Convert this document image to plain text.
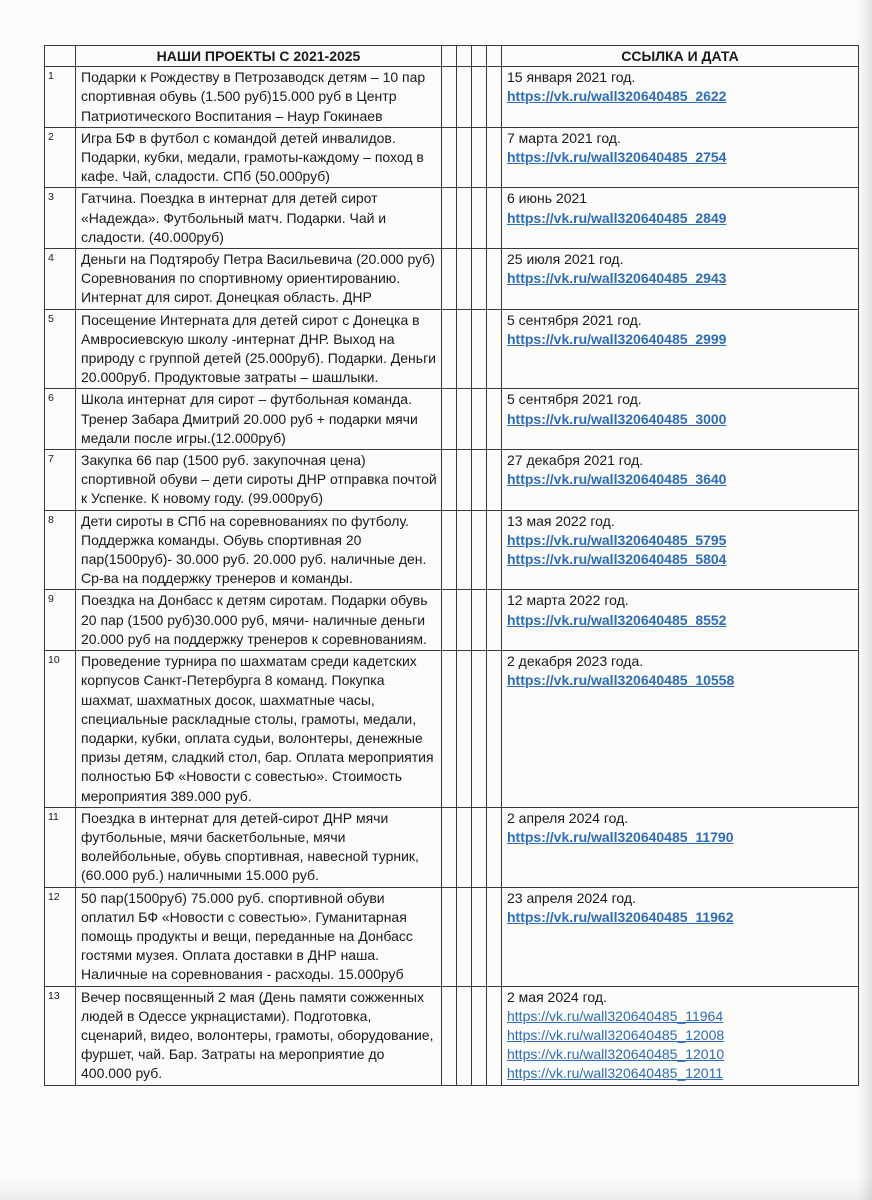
	НАШИ ПРОЕКТЫ С 2021-2025					ССЫЛКА И ДАТА
1	Подарки к Рождеству в Петрозаводск детям – 10 пар спортивная обувь (1.500 руб)15.000 руб в Центр Патриотического Воспитания – Наур Гокинаев					15 января 2021 год.
https://vk.ru/wall320640485_2622

2	Игра БФ в футбол с командой детей инвалидов. Подарки, кубки, медали, грамоты-каждому – поход в кафе. Чай, сладости. СПб (50.000руб)					7 марта 2021 год.
https://vk.ru/wall320640485_2754

3	Гатчина. Поездка в интернат для детей сирот «Надежда». Футбольный матч. Подарки. Чай и сладости. (40.000руб)					6 июнь 2021
https://vk.ru/wall320640485_2849

4	Деньги на Подтяробу Петра Васильевича (20.000 руб) Соревнования по спортивному ориентированию. Интернат для сирот. Донецкая область. ДНР					25 июля 2021 год.
https://vk.ru/wall320640485_2943

5	Посещение Интерната для детей сирот с Донецка в Амвросиевскую школу -интернат ДНР. Выход на природу с группой детей (25.000руб). Подарки. Деньги 20.000руб. Продуктовые затраты – шашлыки.					5 сентября 2021 год.
https://vk.ru/wall320640485_2999

6	Школа интернат для сирот – футбольная команда. Тренер Забара Дмитрий 20.000 руб + подарки мячи медали после игры.(12.000руб)					5 сентября 2021 год.
https://vk.ru/wall320640485_3000

7	Закупка 66 пар (1500 руб. закупочная цена) спортивной обуви – дети сироты ДНР отправка почтой к Успенке. К новому году. (99.000руб)					27 декабря 2021 год.
https://vk.ru/wall320640485_3640

8	Дети сироты в СПб на соревнованиях по футболу. Поддержка команды. Обувь спортивная 20 пар(1500руб)- 30.000 руб. 20.000 руб. наличные ден. Ср-ва на поддержку тренеров и команды.					13 мая 2022 год.
https://vk.ru/wall320640485_5795
https://vk.ru/wall320640485_5804

9	Поездка на Донбасс к детям сиротам. Подарки обувь 20 пар (1500 руб)30.000 руб, мячи- наличные деньги 20.000 руб на поддержку тренеров к соревнованиям.					12 марта 2022 год.
https://vk.ru/wall320640485_8552

10	Проведение турнира по шахматам среди кадетских корпусов Санкт-Петербурга 8 команд. Покупка шахмат, шахматных досок, шахматные часы, специальные раскладные столы, грамоты, медали, подарки, кубки, оплата судьи, волонтеры, денежные призы детям, сладкий стол, бар. Оплата мероприятия полностью БФ «Новости с совестью». Стоимость мероприятия 389.000 руб.					2 декабря 2023 года.
https://vk.ru/wall320640485_10558

11	Поездка в интернат для детей-сирот ДНР мячи футбольные, мячи баскетбольные, мячи волейбольные, обувь спортивная, навесной турник, (60.000 руб.) наличными 15.000 руб.					2 апреля 2024 год.
https://vk.ru/wall320640485_11790

12	50 пар(1500руб) 75.000 руб. спортивной обуви оплатил БФ «Новости с совестью». Гуманитарная помощь продукты и вещи, переданные на Донбасс гостями музея. Оплата доставки в ДНР наша. Наличные на соревнования - расходы. 15.000руб					23 апреля 2024 год.
https://vk.ru/wall320640485_11962

13	Вечер посвященный 2 мая (День памяти сожженных людей в Одессе укрнацистами). Подготовка, сценарий, видео, волонтеры, грамоты, оборудование, фуршет, чай. Бар. Затраты на мероприятие до 400.000 руб.					2 мая 2024 год.
https://vk.ru/wall320640485_11964
https://vk.ru/wall320640485_12008
https://vk.ru/wall320640485_12010
https://vk.ru/wall320640485_12011
